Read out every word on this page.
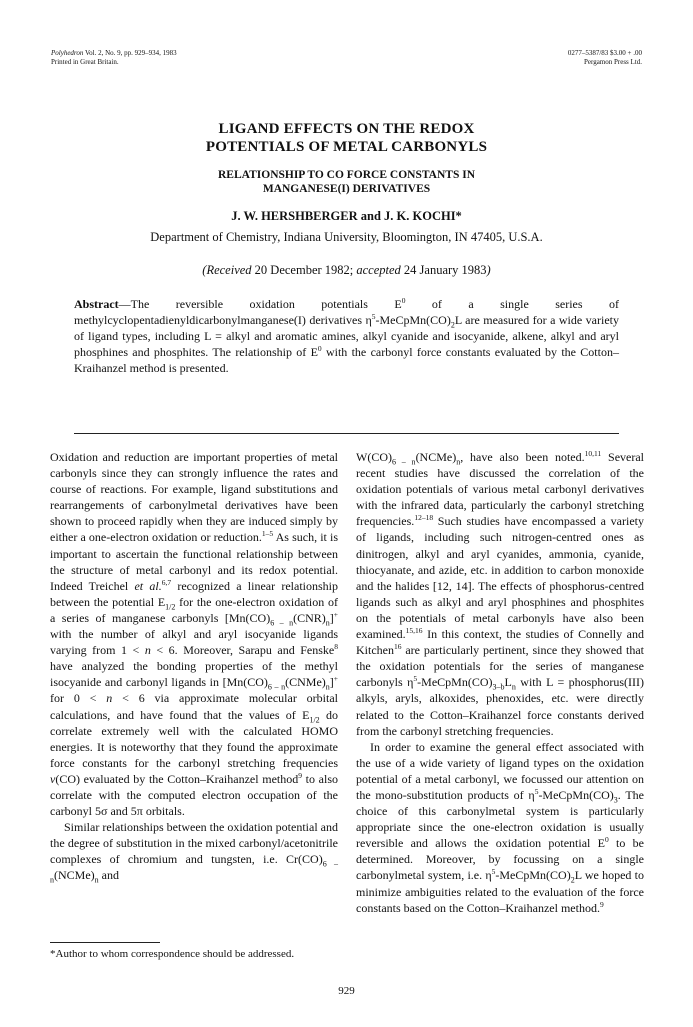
Polyhedron Vol. 2, No. 9, pp. 929–934, 1983
Printed in Great Britain.
0277–5387/83 $3.00 + .00
Pergamon Press Ltd.
LIGAND EFFECTS ON THE REDOX
POTENTIALS OF METAL CARBONYLS
RELATIONSHIP TO CO FORCE CONSTANTS IN
MANGANESE(I) DERIVATIVES
J. W. HERSHBERGER and J. K. KOCHI*
Department of Chemistry, Indiana University, Bloomington, IN 47405, U.S.A.
(Received 20 December 1982; accepted 24 January 1983)
Abstract—The reversible oxidation potentials $E^0$ of a single series of methylcyclopentadienyldicarbonylmanganese(I) derivatives $\eta^5-MeCpMn(CO)_2L$ are measured for a wide variety of ligand types, including L = alkyl and aromatic amines, alkyl cyanide and isocyanide, alkene, alkyl and aryl phosphines and phosphites. The relationship of $E^0$ with the carbonyl force constants evaluated by the Cotton–Kraihanzel method is presented.

Oxidation and reduction are important properties of metal carbonyls since they can strongly influence the rates and course of reactions. For example, ligand substitutions and rearrangements of carbonylmetal derivatives have been shown to proceed rapidly when they are induced simply by either a one-electron oxidation or reduction.$^{1-5}$ As such, it is important to ascertain the functional relationship between the structure of metal carbonyl and its redox potential. Indeed Treichel et al.$^{6,7}$ recognized a linear relationship between the potential $E_{1/2}$ for the one-electron oxidation of a series of manganese carbonyls $[Mn(CO)_{6 - n}(CNR)_n]^+$ with the number of alkyl and aryl isocyanide ligands varying from 1 < n < 6. Moreover, Sarapu and Fenske$^8$ have analyzed the bonding properties of the methyl isocyanide and carbonyl ligands in $[Mn(CO)_{6 - n}(CNMe)_n]^+$ for 0 < n < 6 via approximate molecular orbital calculations, and have found that the values of $E_{1/2}$ do correlate extremely well with the calculated HOMO energies. It is noteworthy that they found the approximate force constants for the carbonyl stretching frequencies v(CO) evaluated by the Cotton–Kraihanzel method$^9$ to also correlate with the computed electron occupation of the carbonyl 5σ and 5π orbitals.

Similar relationships between the oxidation potential and the degree of substitution in the mixed carbonyl/acetonitrile complexes of chromium and tungsten, i.e. $Cr(CO)_{6 - n}(NCMe)_n$ and

$W(CO)_{6 - n}(NCMe)_n$, have also been noted.$^{10,11}$ Several recent studies have discussed the correlation of the oxidation potentials of various metal carbonyl derivatives with the infrared data, particularly the carbonyl stretching frequencies.$^{12-18}$ Such studies have encompassed a variety of ligands, including such nitrogen-centred ones as dinitrogen, alkyl and aryl cyanides, ammonia, cyanide, thiocyanate, and azide, etc. in addition to carbon monoxide and the halides [12, 14]. The effects of phosphorus-centred ligands such as alkyl and aryl phosphines and phosphites on the potentials of metal carbonyls have also been examined.$^{15,16}$ In this context, the studies of Connelly and Kitchen$^{16}$ are particularly pertinent, since they showed that the oxidation potentials for the series of manganese carbonyls $\eta^5-MeCpMn(CO)_{3-b}L_n$ with L = phosphorus(III) alkyls, aryls, alkoxides, phenoxides, etc. were directly related to the Cotton–Kraihanzel force constants derived from the carbonyl stretching frequencies.

In order to examine the general effect associated with the use of a wide variety of ligand types on the oxidation potential of a metal carbonyl, we focussed our attention on the mono-substitution products of $\eta^5-MeCpMn(CO)_3$. The choice of this carbonylmetal system is particularly appropriate since the one-electron oxidation is usually reversible and allows the oxidation potential $E^0$ to be determined. Moreover, by focussing on a single carbonylmetal system, i.e. $\eta^5-MeCpMn(CO)_2L$ we hoped to minimize ambiguities related to the evaluation of the force constants based on the Cotton–Kraihanzel method.$^9$

*Author to whom correspondence should be addressed.
929
